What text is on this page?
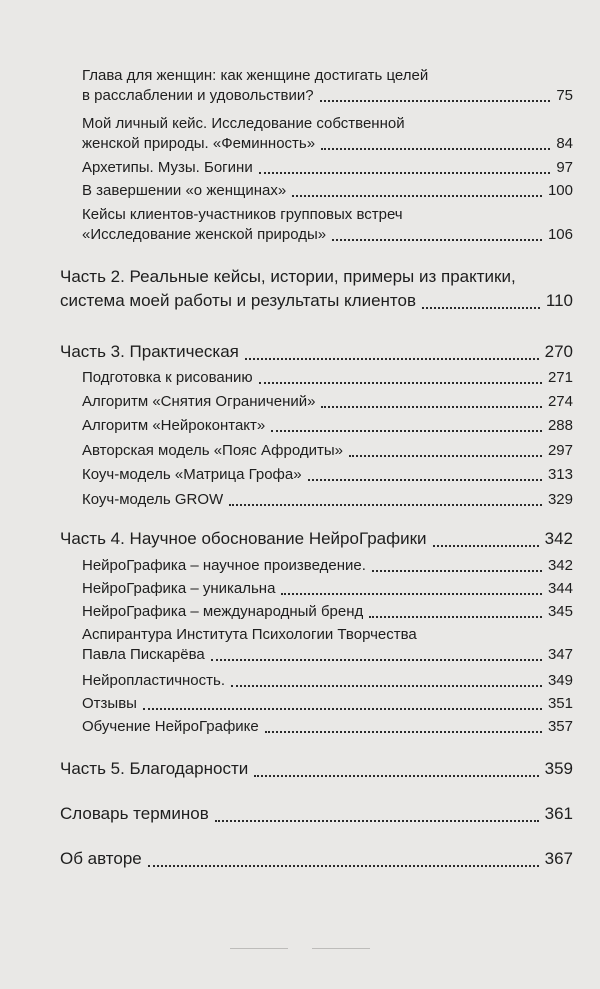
Глава для женщин: как женщине достигать целей
в расслаблении и удовольствии?	75
Мой личный кейс. Исследование собственной
женской природы. «Феминность»	84
Архетипы. Музы. Богини	97
В завершении «о женщинах»	100
Кейсы клиентов-участников групповых встреч
«Исследование женской природы»	106
Часть 2. Реальные кейсы, истории, примеры из практики,
система моей работы и результаты клиентов	110
Часть 3. Практическая	270
Подготовка к рисованию	271
Алгоритм «Снятия Ограничений»	274
Алгоритм «Нейроконтакт»	288
Авторская модель «Пояс Афродиты»	297
Коуч-модель «Матрица Грофа»	313
Коуч-модель GROW	329
Часть 4. Научное обоснование НейроГрафики	342
НейроГрафика – научное произведение.	342
НейроГрафика – уникальна	344
НейроГрафика – международный бренд	345
Аспирантура Института Психологии Творчества
Павла Пискарёва	347
Нейропластичность.	349
Отзывы	351
Обучение НейроГрафике	357
Часть 5. Благодарности	359
Словарь терминов	361
Об авторе	367
